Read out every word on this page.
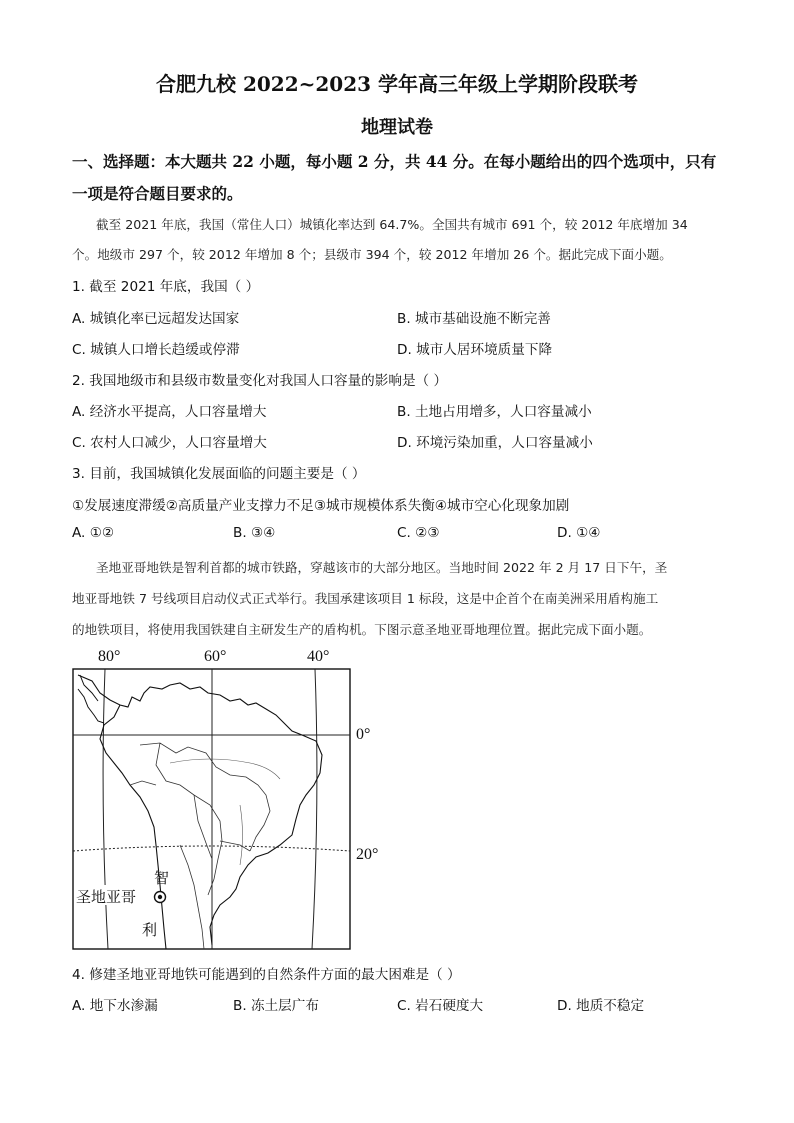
合肥九校 2022~2023 学年高三年级上学期阶段联考
地理试卷
一、选择题：本大题共 22 小题，每小题 2 分，共 44 分。在每小题给出的四个选项中，只有
一项是符合题目要求的。
截至 2021 年底，我国（常住人口）城镇化率达到 64.7%。全国共有城市 691 个，较 2012 年底增加 34
个。地级市 297 个，较 2012 年增加 8 个；县级市 394 个，较 2012 年增加 26 个。据此完成下面小题。
1. 截至 2021 年底，我国（ ）
A. 城镇化率已远超发达国家	B. 城市基础设施不断完善
C. 城镇人口增长趋缓或停滞	D. 城市人居环境质量下降
2. 我国地级市和县级市数量变化对我国人口容量的影响是（ ）
A. 经济水平提高，人口容量增大	B. 土地占用增多，人口容量减小
C. 农村人口减少，人口容量增大	D. 环境污染加重，人口容量减小
3. 目前，我国城镇化发展面临的问题主要是（ ）
①发展速度滞缓②高质量产业支撑力不足③城市规模体系失衡④城市空心化现象加剧
A. ①②	B. ③④	C. ②③	D. ①④
圣地亚哥地铁是智利首都的城市铁路，穿越该市的大部分地区。当地时间 2022 年 2 月 17 日下午，圣
地亚哥地铁 7 号线项目启动仪式正式举行。我国承建该项目 1 标段，这是中企首个在南美洲采用盾构施工
的地铁项目，将使用我国铁建自主研发生产的盾构机。下图示意圣地亚哥地理位置。据此完成下面小题。
80°	60°	40°
0°
20°
圣地亚哥
智
利
4. 修建圣地亚哥地铁可能遇到的自然条件方面的最大困难是（ ）
A. 地下水渗漏	B. 冻土层广布	C. 岩石硬度大	D. 地质不稳定
